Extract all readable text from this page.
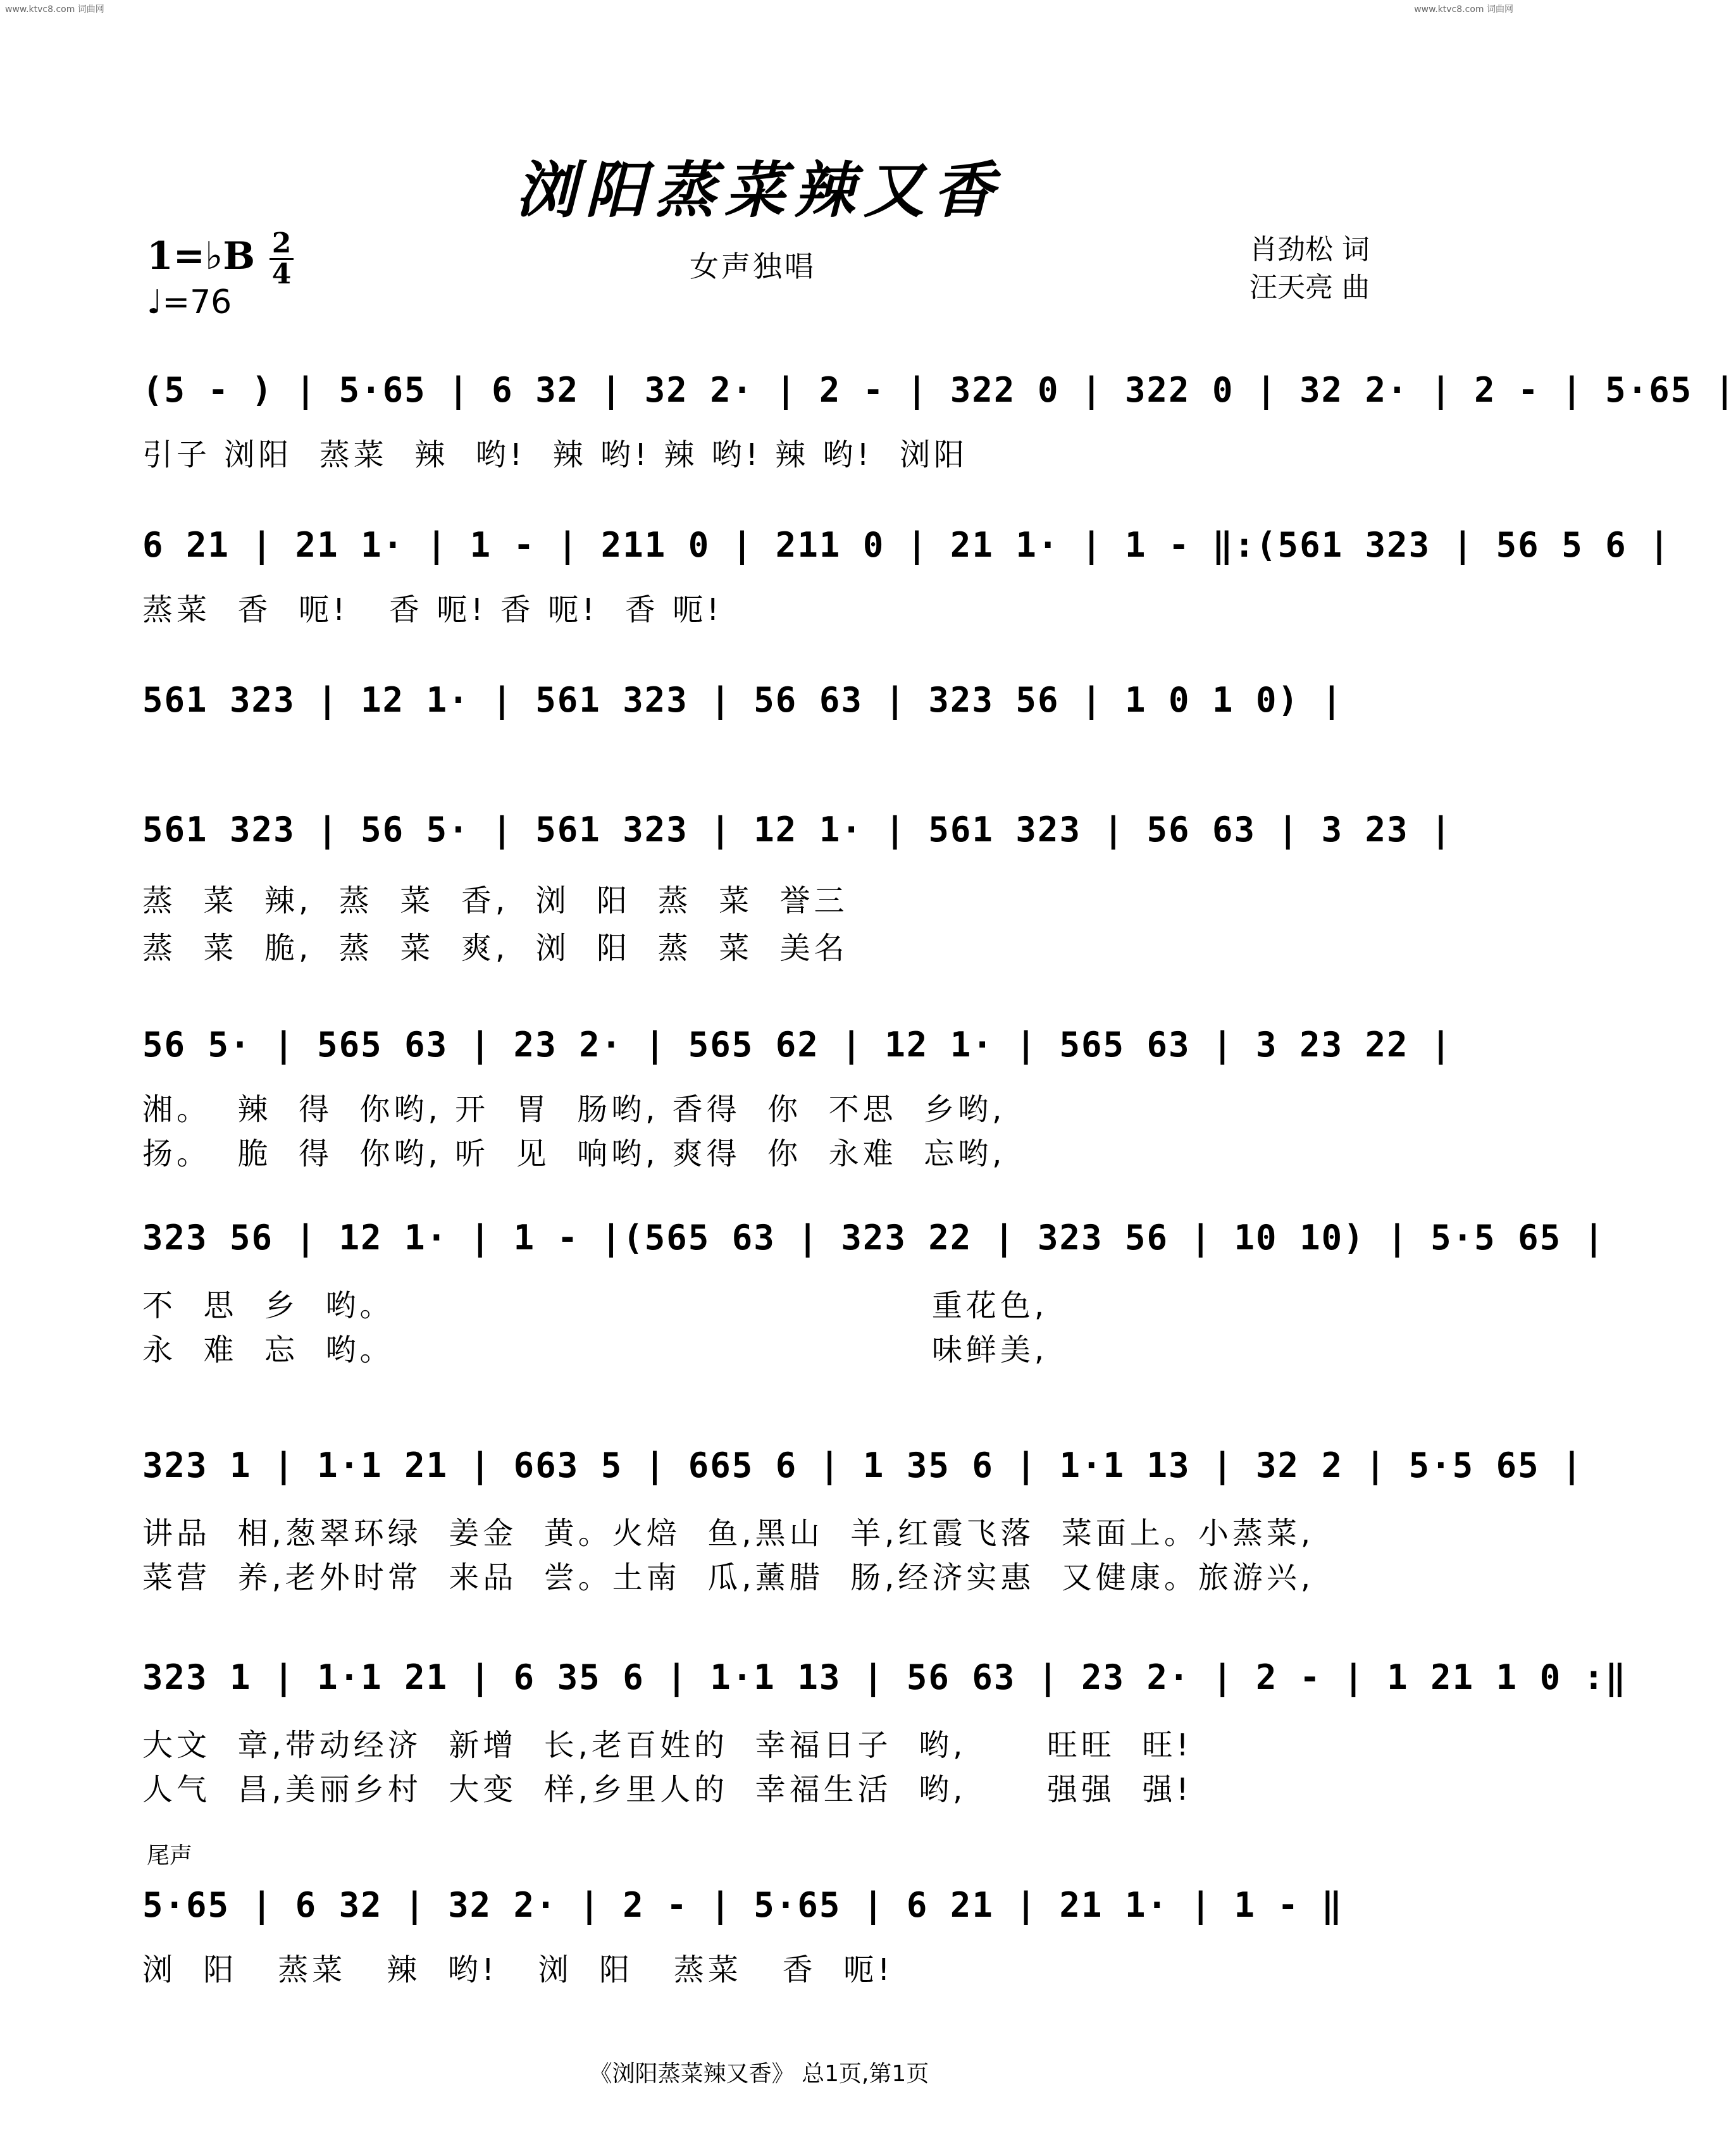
www.ktvc8.com 词曲网	www.ktvc8.com 词曲网
浏阳蒸菜辣又香
1=♭B 2
4
♩=76
女声独唱	肖劲松 词
汪天亮 曲
(5 - ) | 5·65 | 6 32 | 32 2· | 2 - | 322 0 | 322 0 | 32 2· | 2 - | 5·65 |
引子 浏阳  蒸菜  辣  哟!  辣 哟! 辣 哟! 辣 哟!  浏阳
6 21 | 21 1· | 1 - | 211 0 | 211 0 | 21 1· | 1 - ‖:(561 323 | 56 5 6 |
蒸菜  香  呃!   香 呃! 香 呃!  香 呃!
561 323 | 12 1· | 561 323 | 56 63 | 323 56 | 1 0 1 0) |
561 323 | 56 5· | 561 323 | 12 1· | 561 323 | 56 63 | 3 23 |
蒸  菜  辣,  蒸  菜  香,  浏  阳  蒸  菜  誉三
蒸  菜  脆,  蒸  菜  爽,  浏  阳  蒸  菜  美名
56 5· | 565 63 | 23 2· | 565 62 | 12 1· | 565 63 | 3 23 22 |
湘。  辣  得  你哟, 开  胃  肠哟, 香得  你  不思  乡哟,
扬。  脆  得  你哟, 听  见  响哟, 爽得  你  永难  忘哟,
323 56 | 12 1· | 1 - |(565 63 | 323 22 | 323 56 | 10 10) | 5·5 65 |
不  思  乡  哟。                                        重花色,
永  难  忘  哟。                                        味鲜美,
323 1 | 1·1 21 | 663 5 | 665 6 | 1 35 6 | 1·1 13 | 32 2 | 5·5 65 |
讲品  相,葱翠环绿  姜金  黄。火焙  鱼,黑山  羊,红霞飞落  菜面上。小蒸菜,
菜营  养,老外时常  来品  尝。土南  瓜,薰腊  肠,经济实惠  又健康。旅游兴,
323 1 | 1·1 21 | 6 35 6 | 1·1 13 | 56 63 | 23 2· | 2 - | 1 21 1 0 :‖
大文  章,带动经济  新增  长,老百姓的  幸福日子  哟,      旺旺  旺!
人气  昌,美丽乡村  大变  样,乡里人的  幸福生活  哟,      强强  强!
5·65 | 6 32 | 32 2· | 2 - | 5·65 | 6 21 | 21 1· | 1 - ‖
浏  阳   蒸菜   辣  哟!   浏  阳   蒸菜   香  呃!
尾声
《浏阳蒸菜辣又香》 总1页,第1页
